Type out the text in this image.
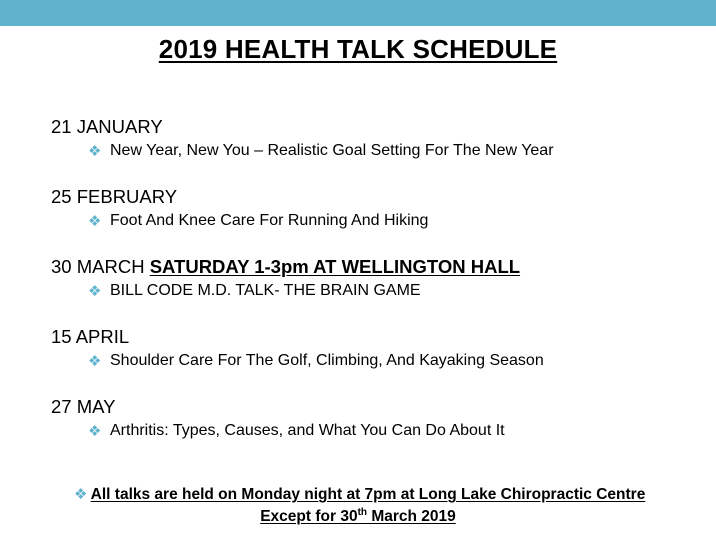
2019 HEALTH TALK SCHEDULE
21 JANUARY
❖ New Year, New You – Realistic Goal Setting For The New Year
25 FEBRUARY
❖ Foot And Knee Care For Running And Hiking
30 MARCH SATURDAY 1-3pm AT WELLINGTON HALL
❖ BILL CODE M.D. TALK- THE BRAIN GAME
15 APRIL
❖ Shoulder Care For The Golf, Climbing, And Kayaking Season
27 MAY
❖ Arthritis: Types, Causes, and What You Can Do About It
❖ All talks are held on Monday night at 7pm at Long Lake Chiropractic Centre
Except for 30th March 2019
